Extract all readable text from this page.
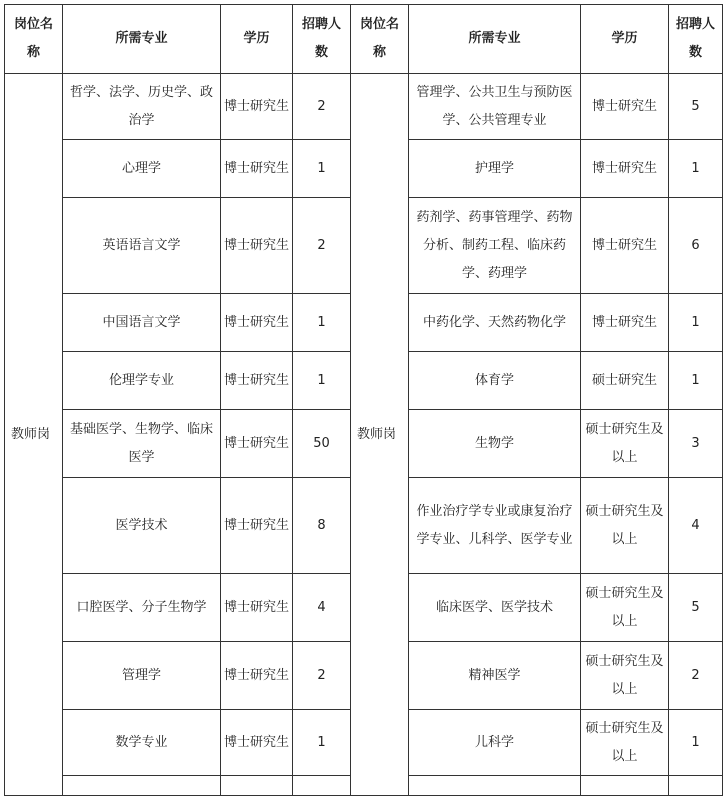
岗位名称	所需专业	学历	招聘人数	岗位名称	所需专业	学历	招聘人数
教师岗	哲学、法学、历史学、政治学	博士研究生	2	教师岗	管理学、公共卫生与预防医学、公共管理专业	博士研究生	5
	心理学	博士研究生	1		护理学	博士研究生	1
	英语语言文学	博士研究生	2		药剂学、药事管理学、药物分析、制药工程、临床药学、药理学	博士研究生	6
	中国语言文学	博士研究生	1		中药化学、天然药物化学	博士研究生	1
	伦理学专业	博士研究生	1		体育学	硕士研究生	1
	基础医学、生物学、临床医学	博士研究生	50		生物学	硕士研究生及以上	3
	医学技术	博士研究生	8		作业治疗学专业或康复治疗学专业、儿科学、医学专业	硕士研究生及以上	4
	口腔医学、分子生物学	博士研究生	4		临床医学、医学技术	硕士研究生及以上	5
	管理学	博士研究生	2		精神医学	硕士研究生及以上	2
	数学专业	博士研究生	1		儿科学	硕士研究生及以上	1
